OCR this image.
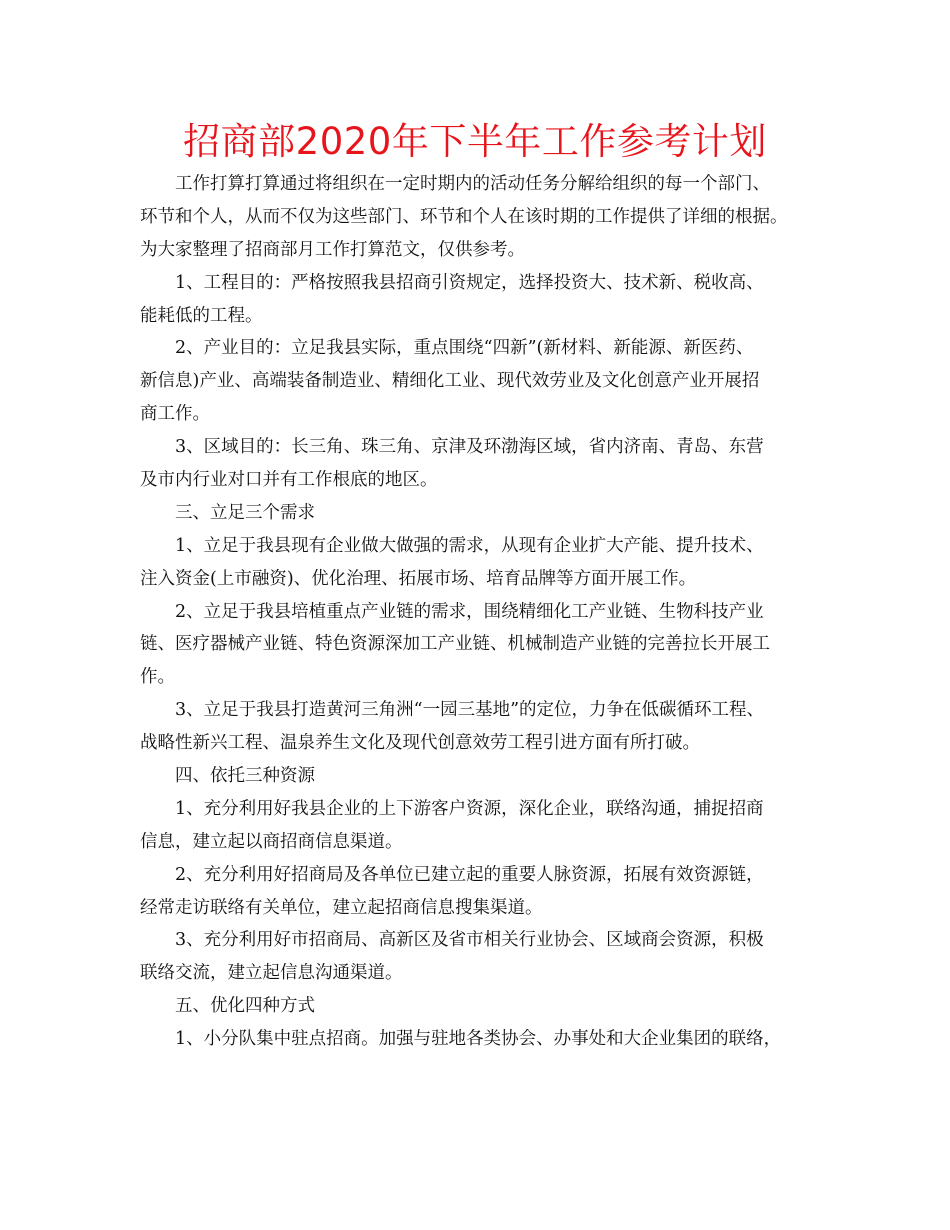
招商部2020年下半年工作参考计划
工作打算打算通过将组织在一定时期内的活动任务分解给组织的每一个部门、
环节和个人，从而不仅为这些部门、环节和个人在该时期的工作提供了详细的根据。
为大家整理了招商部月工作打算范文，仅供参考。
1、工程目的：严格按照我县招商引资规定，选择投资大、技术新、税收高、
能耗低的工程。
2、产业目的：立足我县实际，重点围绕“四新”(新材料、新能源、新医药、
新信息)产业、高端装备制造业、精细化工业、现代效劳业及文化创意产业开展招
商工作。
3、区域目的：长三角、珠三角、京津及环渤海区域，省内济南、青岛、东营
及市内行业对口并有工作根底的地区。
三、立足三个需求
1、立足于我县现有企业做大做强的需求，从现有企业扩大产能、提升技术、
注入资金(上市融资)、优化治理、拓展市场、培育品牌等方面开展工作。
2、立足于我县培植重点产业链的需求，围绕精细化工产业链、生物科技产业
链、医疗器械产业链、特色资源深加工产业链、机械制造产业链的完善拉长开展工
作。
3、立足于我县打造黄河三角洲“一园三基地”的定位，力争在低碳循环工程、
战略性新兴工程、温泉养生文化及现代创意效劳工程引进方面有所打破。
四、依托三种资源
1、充分利用好我县企业的上下游客户资源，深化企业，联络沟通，捕捉招商
信息，建立起以商招商信息渠道。
2、充分利用好招商局及各单位已建立起的重要人脉资源，拓展有效资源链，
经常走访联络有关单位，建立起招商信息搜集渠道。
3、充分利用好市招商局、高新区及省市相关行业协会、区域商会资源，积极
联络交流，建立起信息沟通渠道。
五、优化四种方式
1、小分队集中驻点招商。加强与驻地各类协会、办事处和大企业集团的联络，
